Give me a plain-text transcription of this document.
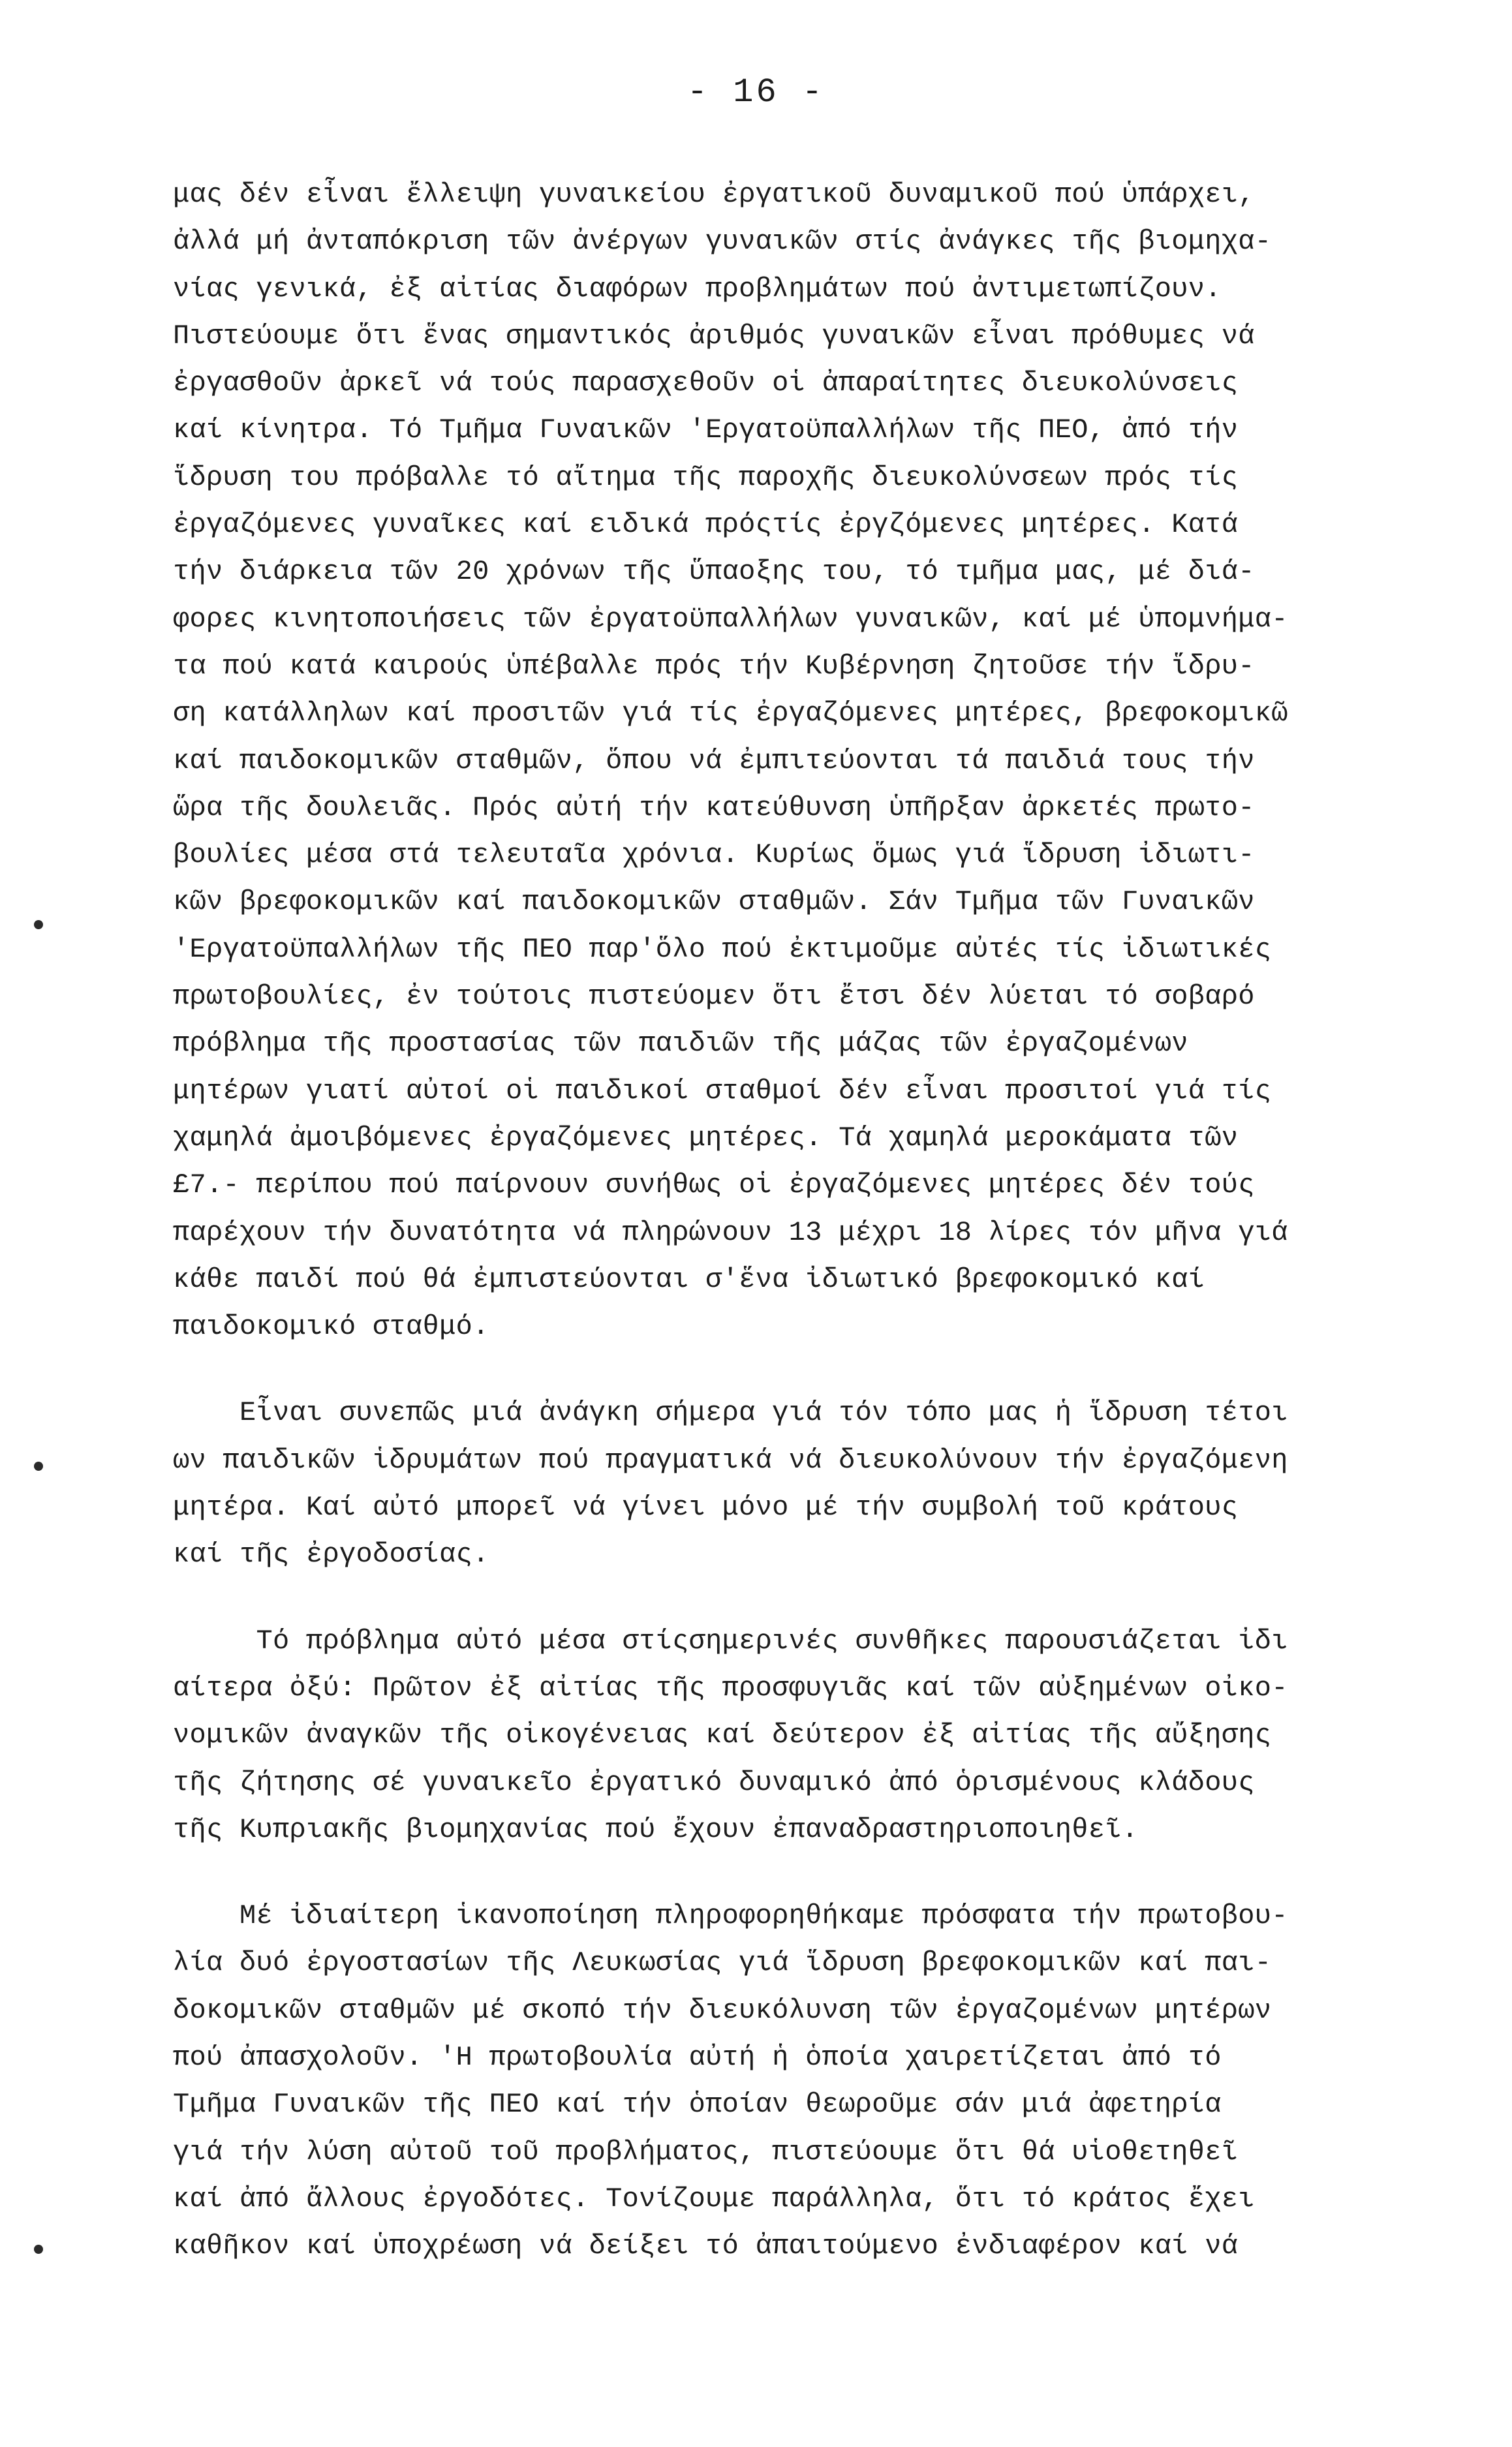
- 16 -
μας δέν εἶναι ἔλλειψη γυναικείου ἐργατικοῦ δυναμικοῦ πού ὑπάρχει,
ἀλλά μή ἀνταπόκριση τῶν ἀνέργων γυναικῶν στίς ἀνάγκες τῆς βιομηχα-
νίας γενικά, ἐξ αἰτίας διαφόρων προβλημάτων πού ἀντιμετωπίζουν.
Πιστεύουμε ὅτι ἕνας σημαντικός ἀριθμός γυναικῶν εἶναι πρόθυμες νά
ἐργασθοῦν ἀρκεῖ νά τούς παρασχεθοῦν οἱ ἀπαραίτητες διευκολύνσεις
καί κίνητρα. Τό Τμῆμα Γυναικῶν 'Εργατοϋπαλλήλων τῆς ΠΕΟ, ἀπό τήν
ἵδρυση του πρόβαλλε τό αἴτημα τῆς παροχῆς διευκολύνσεων πρός τίς
ἐργαζόμενες γυναῖκες καί ειδικά πρόςτίς ἐργζόμενες μητέρες. Κατά
τήν διάρκεια τῶν 20 χρόνων τῆς ὕπαοξης του, τό τμῆμα μας, μέ διά-
φορες κινητοποιήσεις τῶν ἐργατοϋπαλλήλων γυναικῶν, καί μέ ὑπομνήμα-
τα πού κατά καιρούς ὑπέβαλλε πρός τήν Κυβέρνηση ζητοῦσε τήν ἵδρυ-
ση κατάλληλων καί προσιτῶν γιά τίς ἐργαζόμενες μητέρες, βρεφοκομικῶ
καί παιδοκομικῶν σταθμῶν, ὅπου νά ἐμπιτεύονται τά παιδιά τους τήν
ὥρα τῆς δουλειᾶς. Πρός αὐτή τήν κατεύθυνση ὑπῆρξαν ἀρκετές πρωτο-
βουλίες μέσα στά τελευταῖα χρόνια. Κυρίως ὅμως γιά ἵδρυση ἰδιωτι-
κῶν βρεφοκομικῶν καί παιδοκομικῶν σταθμῶν. Σάν Τμῆμα τῶν Γυναικῶν
'Εργατοϋπαλλήλων τῆς ΠΕΟ παρ'ὅλο πού ἐκτιμοῦμε αὐτές τίς ἰδιωτικές
πρωτοβουλίες, ἐν τούτοις πιστεύομεν ὅτι ἔτσι δέν λύεται τό σοβαρό
πρόβλημα τῆς προστασίας τῶν παιδιῶν τῆς μάζας τῶν ἐργαζομένων
μητέρων γιατί αὐτοί οἱ παιδικοί σταθμοί δέν εἶναι προσιτοί γιά τίς
χαμηλά ἀμοιβόμενες ἐργαζόμενες μητέρες. Τά χαμηλά μεροκάματα τῶν
£7.- περίπου πού παίρνουν συνήθως οἱ ἐργαζόμενες μητέρες δέν τούς
παρέχουν τήν δυνατότητα νά πληρώνουν 13 μέχρι 18 λίρες τόν μῆνα γιά
κάθε παιδί πού θά ἐμπιστεύονται σ'ἕνα ἰδιωτικό βρεφοκομικό καί
παιδοκομικό σταθμό.
Εἶναι συνεπῶς μιά ἀνάγκη σήμερα γιά τόν τόπο μας ἡ ἵδρυση τέτοι
ων παιδικῶν ἱδρυμάτων πού πραγματικά νά διευκολύνουν τήν ἐργαζόμενη
μητέρα. Καί αὐτό μπορεῖ νά γίνει μόνο μέ τήν συμβολή τοῦ κράτους
καί τῆς ἐργοδοσίας.
Τό πρόβλημα αὐτό μέσα στίςσημερινές συνθῆκες παρουσιάζεται ἰδι
αίτερα ὀξύ: Πρῶτον ἐξ αἰτίας τῆς προσφυγιᾶς καί τῶν αὐξημένων οἰκο-
νομικῶν ἀναγκῶν τῆς οἰκογένειας καί δεύτερον ἐξ αἰτίας τῆς αὔξησης
τῆς ζήτησης σέ γυναικεῖο ἐργατικό δυναμικό ἀπό ὁρισμένους κλάδους
τῆς Κυπριακῆς βιομηχανίας πού ἔχουν ἐπαναδραστηριοποιηθεῖ.
Μέ ἰδιαίτερη ἱκανοποίηση πληροφορηθήκαμε πρόσφατα τήν πρωτοβου-
λία δυό ἐργοστασίων τῆς Λευκωσίας γιά ἵδρυση βρεφοκομικῶν καί παι-
δοκομικῶν σταθμῶν μέ σκοπό τήν διευκόλυνση τῶν ἐργαζομένων μητέρων
πού ἀπασχολοῦν. 'Η πρωτοβουλία αὐτή ἡ ὁποία χαιρετίζεται ἀπό τό
Τμῆμα Γυναικῶν τῆς ΠΕΟ καί τήν ὁποίαν θεωροῦμε σάν μιά ἀφετηρία
γιά τήν λύση αὐτοῦ τοῦ προβλήματος, πιστεύουμε ὅτι θά υἱοθετηθεῖ
καί ἀπό ἄλλους ἐργοδότες. Τονίζουμε παράλληλα, ὅτι τό κράτος ἔχει
καθῆκον καί ὑποχρέωση νά δείξει τό ἀπαιτούμενο ἐνδιαφέρον καί νά
